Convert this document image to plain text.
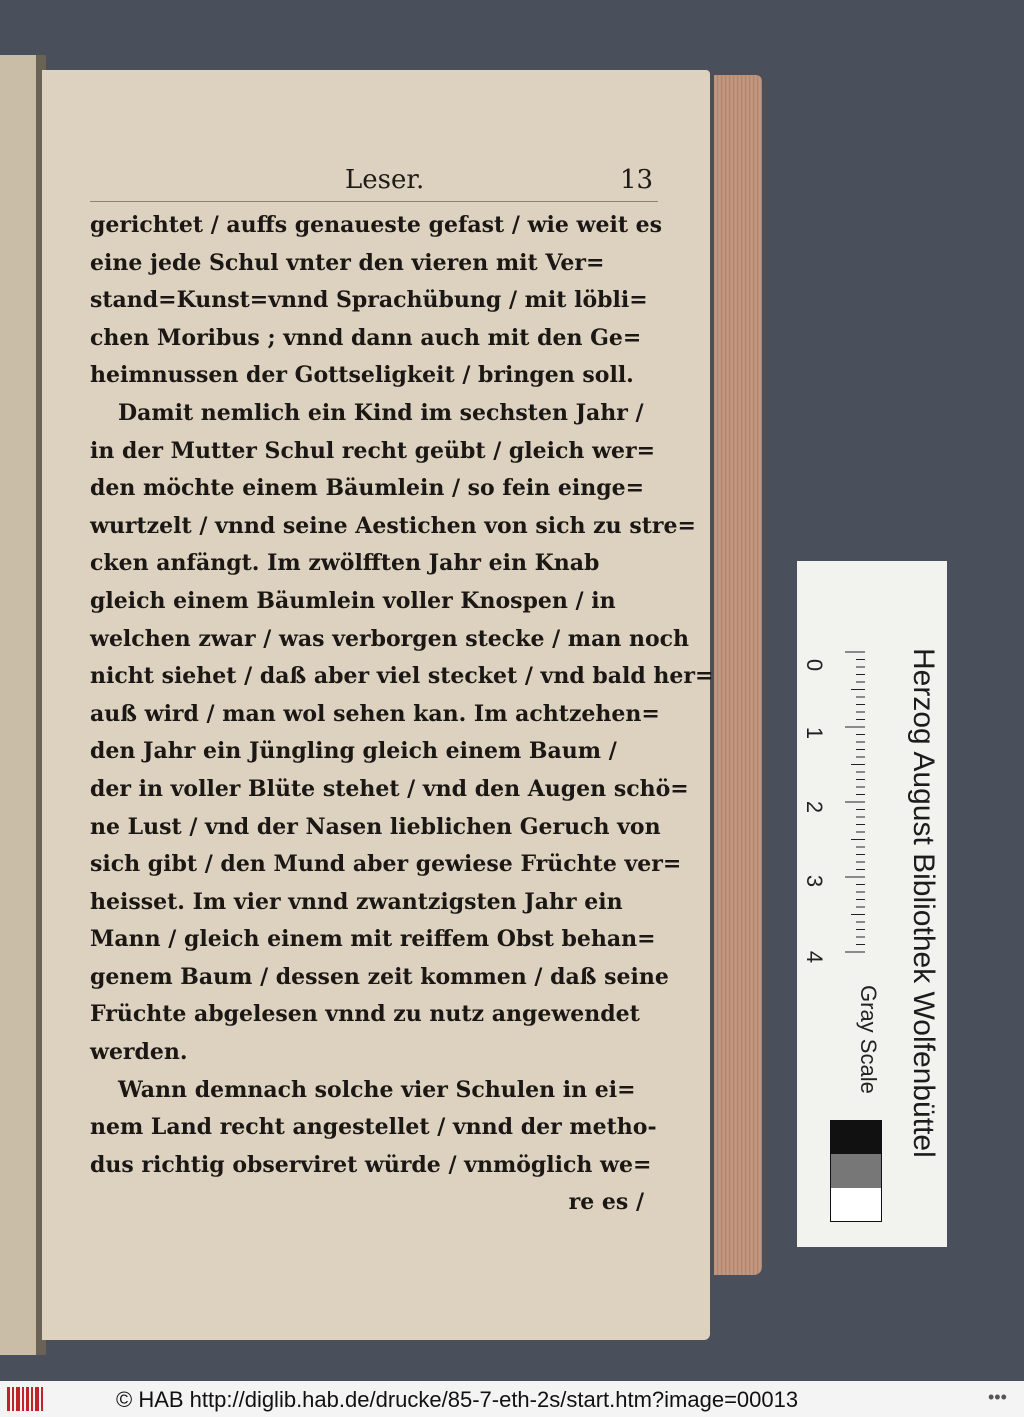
Leser.	13
gerichtet / auffs genaueste gefast / wie weit es
eine jede Schul vnter den vieren mit Ver=
stand=Kunst=vnnd Sprachübung / mit löbli=
chen Moribus ; vnnd dann auch mit den Ge=
heimnussen der Gottseligkeit / bringen soll.
Damit nemlich ein Kind im sechsten Jahr /
in der Mutter Schul recht geübt / gleich wer=
den möchte einem Bäumlein / so fein einge=
wurtzelt / vnnd seine Aestichen von sich zu stre=
cken anfängt. Im zwölfften Jahr ein Knab
gleich einem Bäumlein voller Knospen / in
welchen zwar / was verborgen stecke / man noch
nicht siehet / daß aber viel stecket / vnd bald her=
auß wird / man wol sehen kan. Im achtzehen=
den Jahr ein Jüngling gleich einem Baum /
der in voller Blüte stehet / vnd den Augen schö=
ne Lust / vnd der Nasen lieblichen Geruch von
sich gibt / den Mund aber gewiese Früchte ver=
heisset. Im vier vnnd zwantzigsten Jahr ein
Mann / gleich einem mit reiffem Obst behan=
genem Baum / dessen zeit kommen / daß seine
Früchte abgelesen vnnd zu nutz angewendet
werden.
Wann demnach solche vier Schulen in ei=
nem Land recht angestellet / vnnd der metho-
dus richtig observiret würde / vnmöglich we=
re es /
Herzog August Bibliothek Wolfenbüttel
0
1
2
3
4
Gray Scale
© HAB http://diglib.hab.de/drucke/85-7-eth-2s/start.htm?image=00013	•••
